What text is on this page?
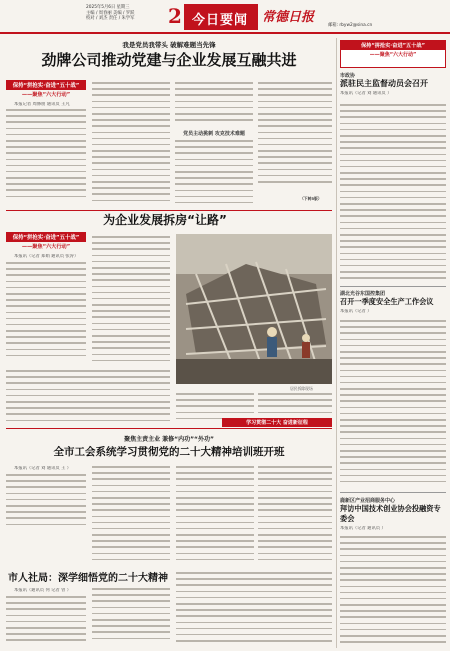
2025年5月6日 星期三
主编 / 周春丽 美编 / 罗跃
校对 / 刘杰 责任 / 朱学军 2 今日要闻 常德日报
邮箱: rbyw2@sina.cn
我是党员我带头 破解难题当先锋
劲牌公司推动党建与企业发展互融共进
保持“拼抢实·奋进”五十战”
——聚焦“六大行动”

本报记者 周修朋 通讯员 王凡

党员主动挑刺 攻克技术难题
（下转5版）
为企业发展拆房“让路”
保持“拼抢实·奋进”五十战”
——聚焦“六大行动”

本报讯（记者 郑娟 通讯员 张涛）

居民拆除现场
学习贯彻二十大 奋进新征程
聚焦主责主业 兼修“内功”“外功”
全市工会系统学习贯彻党的二十大精神培训班开班

本报讯（记者 刘 通讯员 王 ）

市人社局：深学细悟党的二十大精神

本报讯（通讯员 何 记者 曾 ）

保持“拼抢实·奋进”五十战”
——聚焦“六大行动”
市政协
派驻民主监督动员会召开
本报讯（记者 刘 通讯员 ）
湖北光谷东国控集团
召开一季度安全生产工作会议
本报讯（记者 ）
鹿新区产业招商服务中心
拜访中国技术创业协会投融资专委会
本报讯（记者 通讯员 ）
